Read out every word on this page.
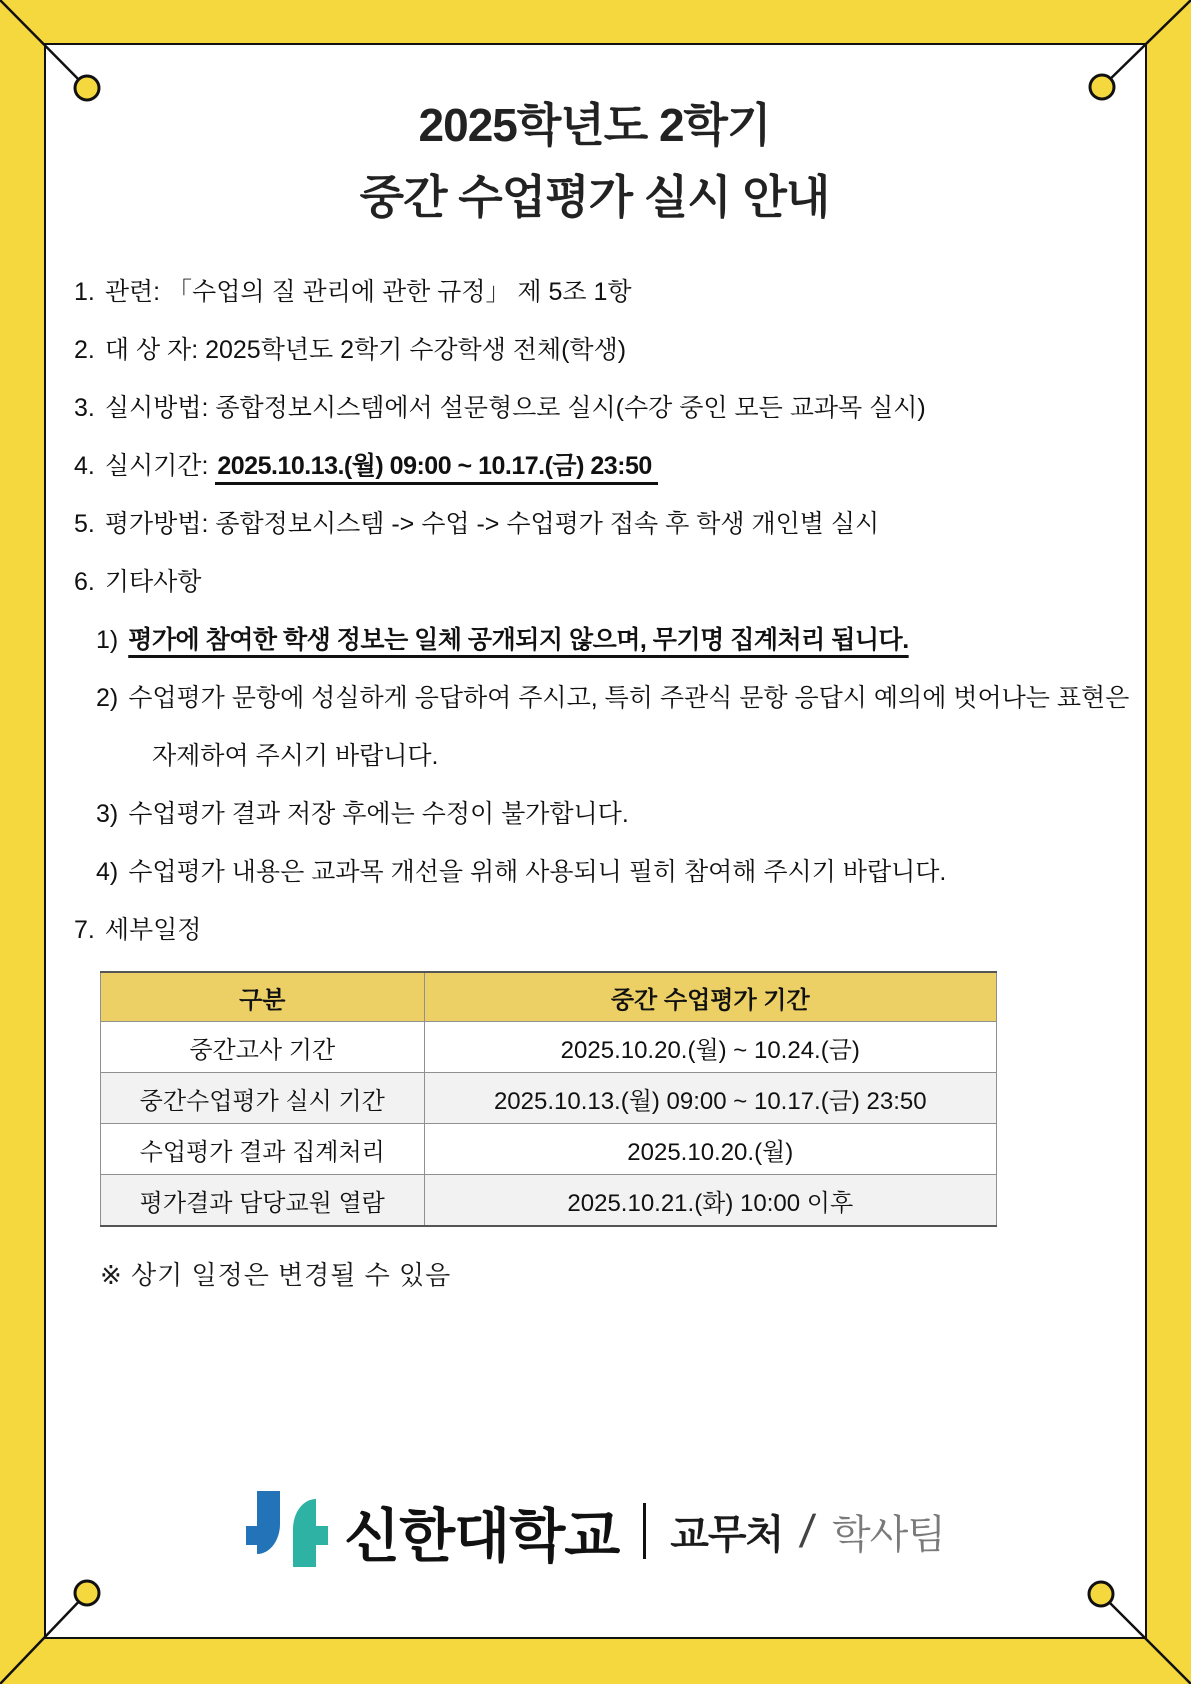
2025학년도 2학기
중간 수업평가 실시 안내
1. 관련: 「수업의 질 관리에 관한 규정」 제 5조 1항
2. 대 상 자: 2025학년도 2학기 수강학생 전체(학생)
3. 실시방법: 종합정보시스템에서 설문형으로 실시(수강 중인 모든 교과목 실시)
4. 실시기간: 2025.10.13.(월) 09:00 ~ 10.17.(금) 23:50
5. 평가방법: 종합정보시스템 -> 수업 -> 수업평가 접속 후 학생 개인별 실시
6. 기타사항
1) 평가에 참여한 학생 정보는 일체 공개되지 않으며, 무기명 집계처리 됩니다.
2) 수업평가 문항에 성실하게 응답하여 주시고, 특히 주관식 문항 응답시 예의에 벗어나는 표현은
자제하여 주시기 바랍니다.
3) 수업평가 결과 저장 후에는 수정이 불가합니다.
4) 수업평가 내용은 교과목 개선을 위해 사용되니 필히 참여해 주시기 바랍니다.
7. 세부일정
구분	중간 수업평가 기간
중간고사 기간	2025.10.20.(월) ~ 10.24.(금)
중간수업평가 실시 기간	2025.10.13.(월) 09:00 ~ 10.17.(금) 23:50
수업평가 결과 집계처리	2025.10.20.(월)
평가결과 담당교원 열람	2025.10.21.(화) 10:00 이후
※ 상기 일정은 변경될 수 있음
신한대학교 교무처 / 학사팀
